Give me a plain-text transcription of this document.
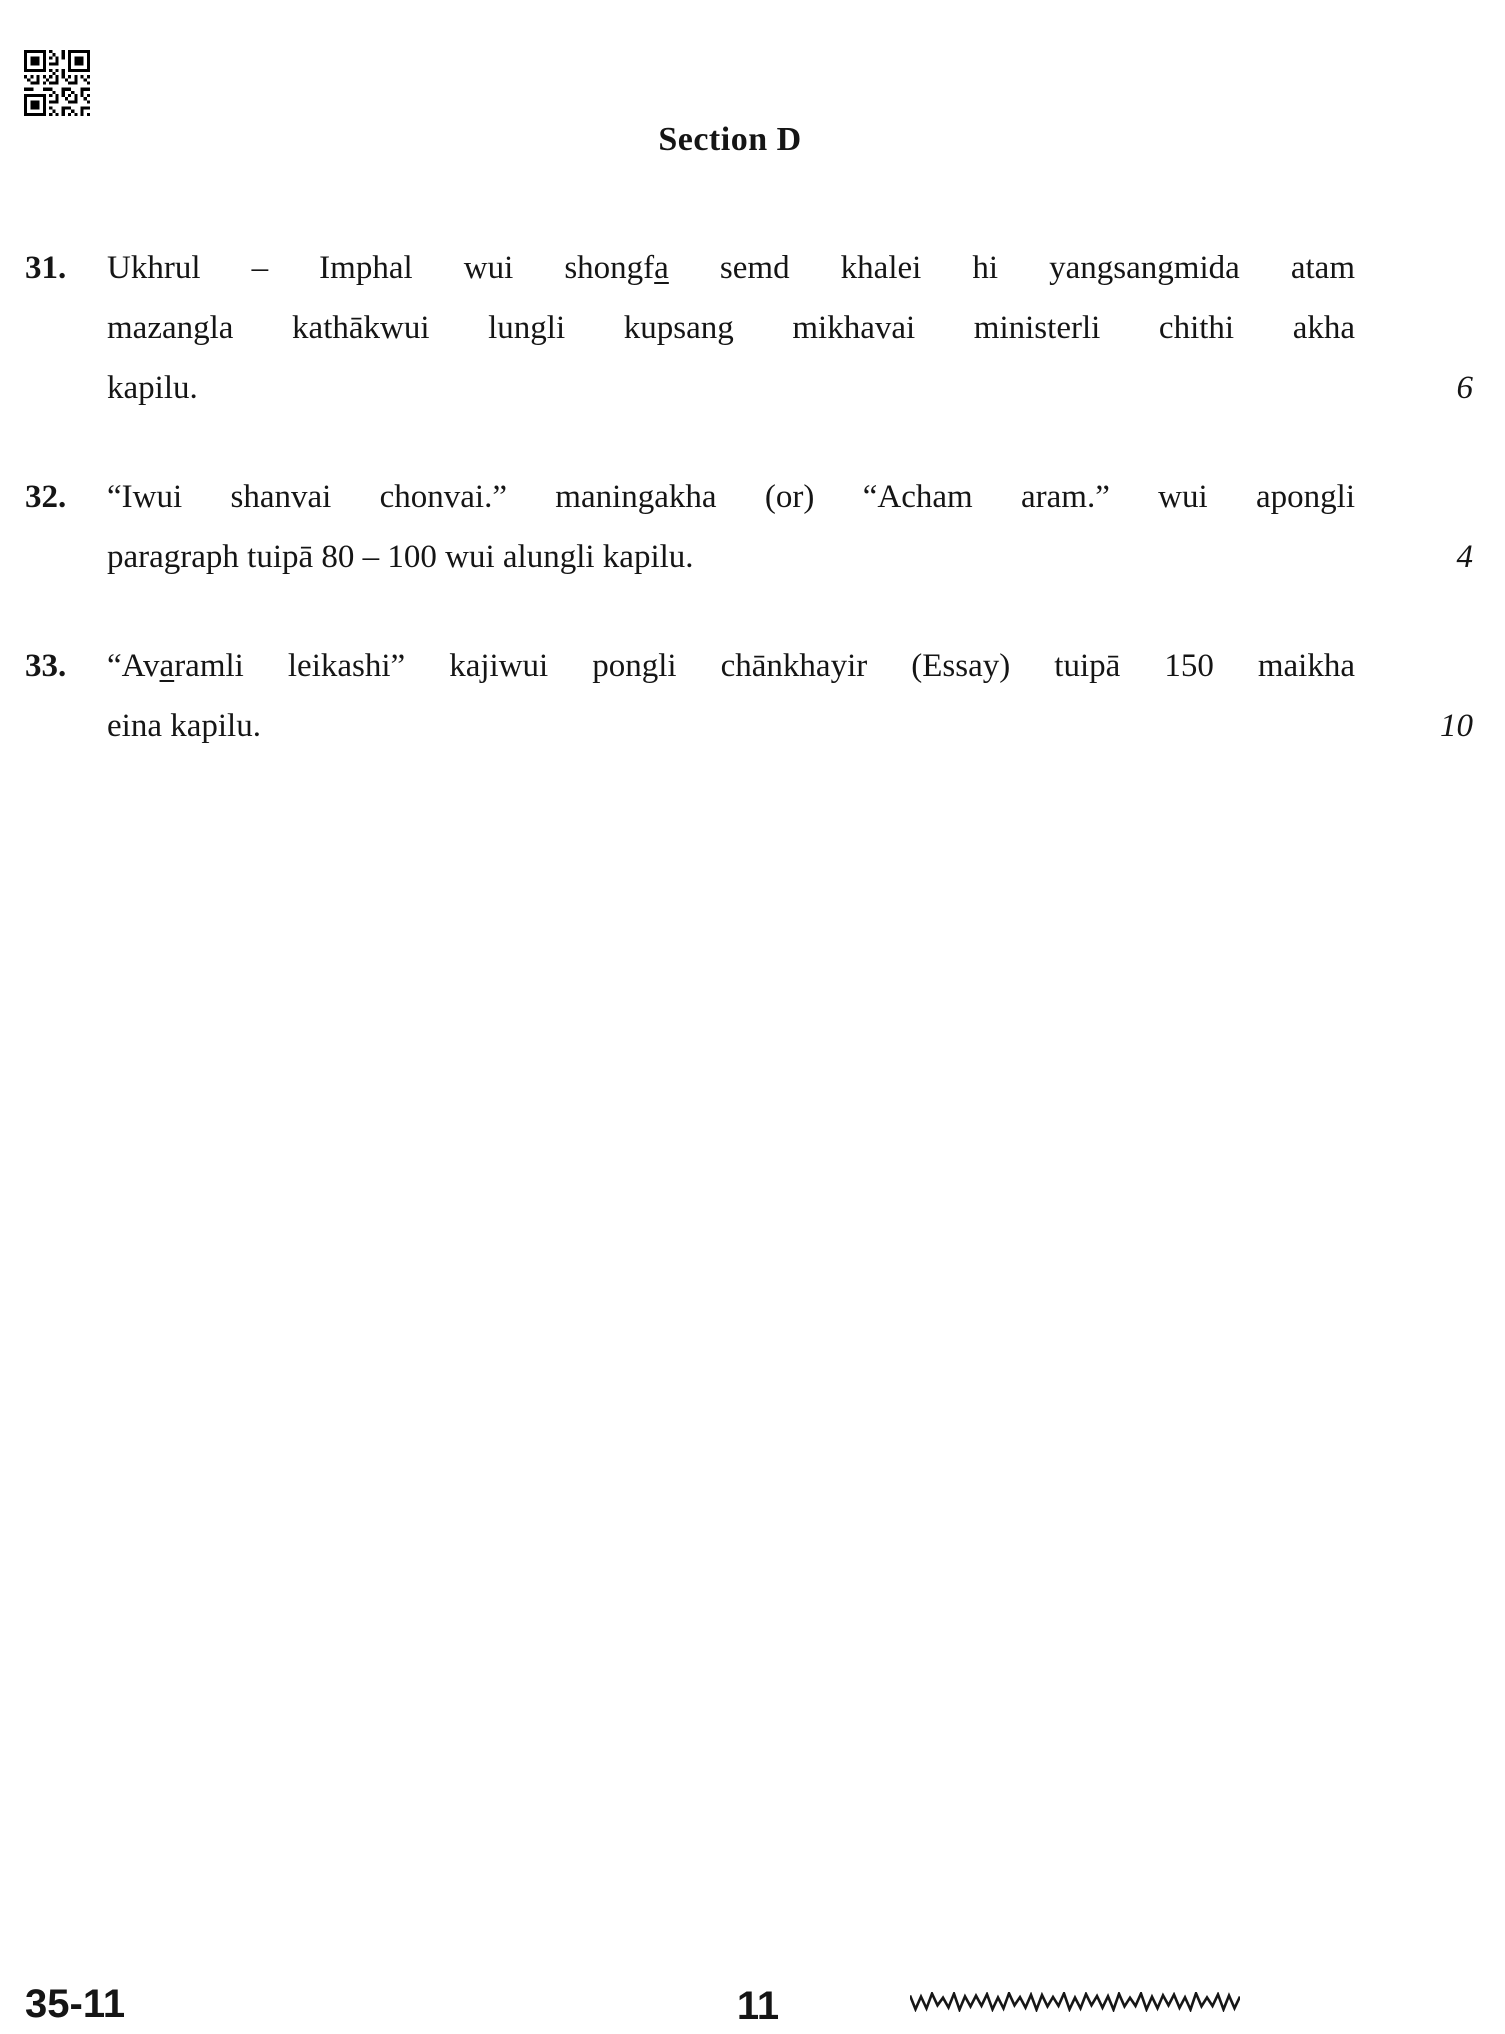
Section D
31.	Ukhrul – Imphal wui shongfa semd khalei hi yangsangmida atam
mazangla kathākwui lungli kupsang mikhavai ministerli chithi akha
kapilu.	6
32.	“Iwui shanvai chonvai.” maningakha (or) “Acham aram.” wui apongli
paragraph tuipā 80 – 100 wui alungli kapilu.	4
33.	“Avaramli leikashi” kajiwui pongli chānkhayir (Essay) tuipā 150 maikha
eina kapilu.	10
35-11	11
